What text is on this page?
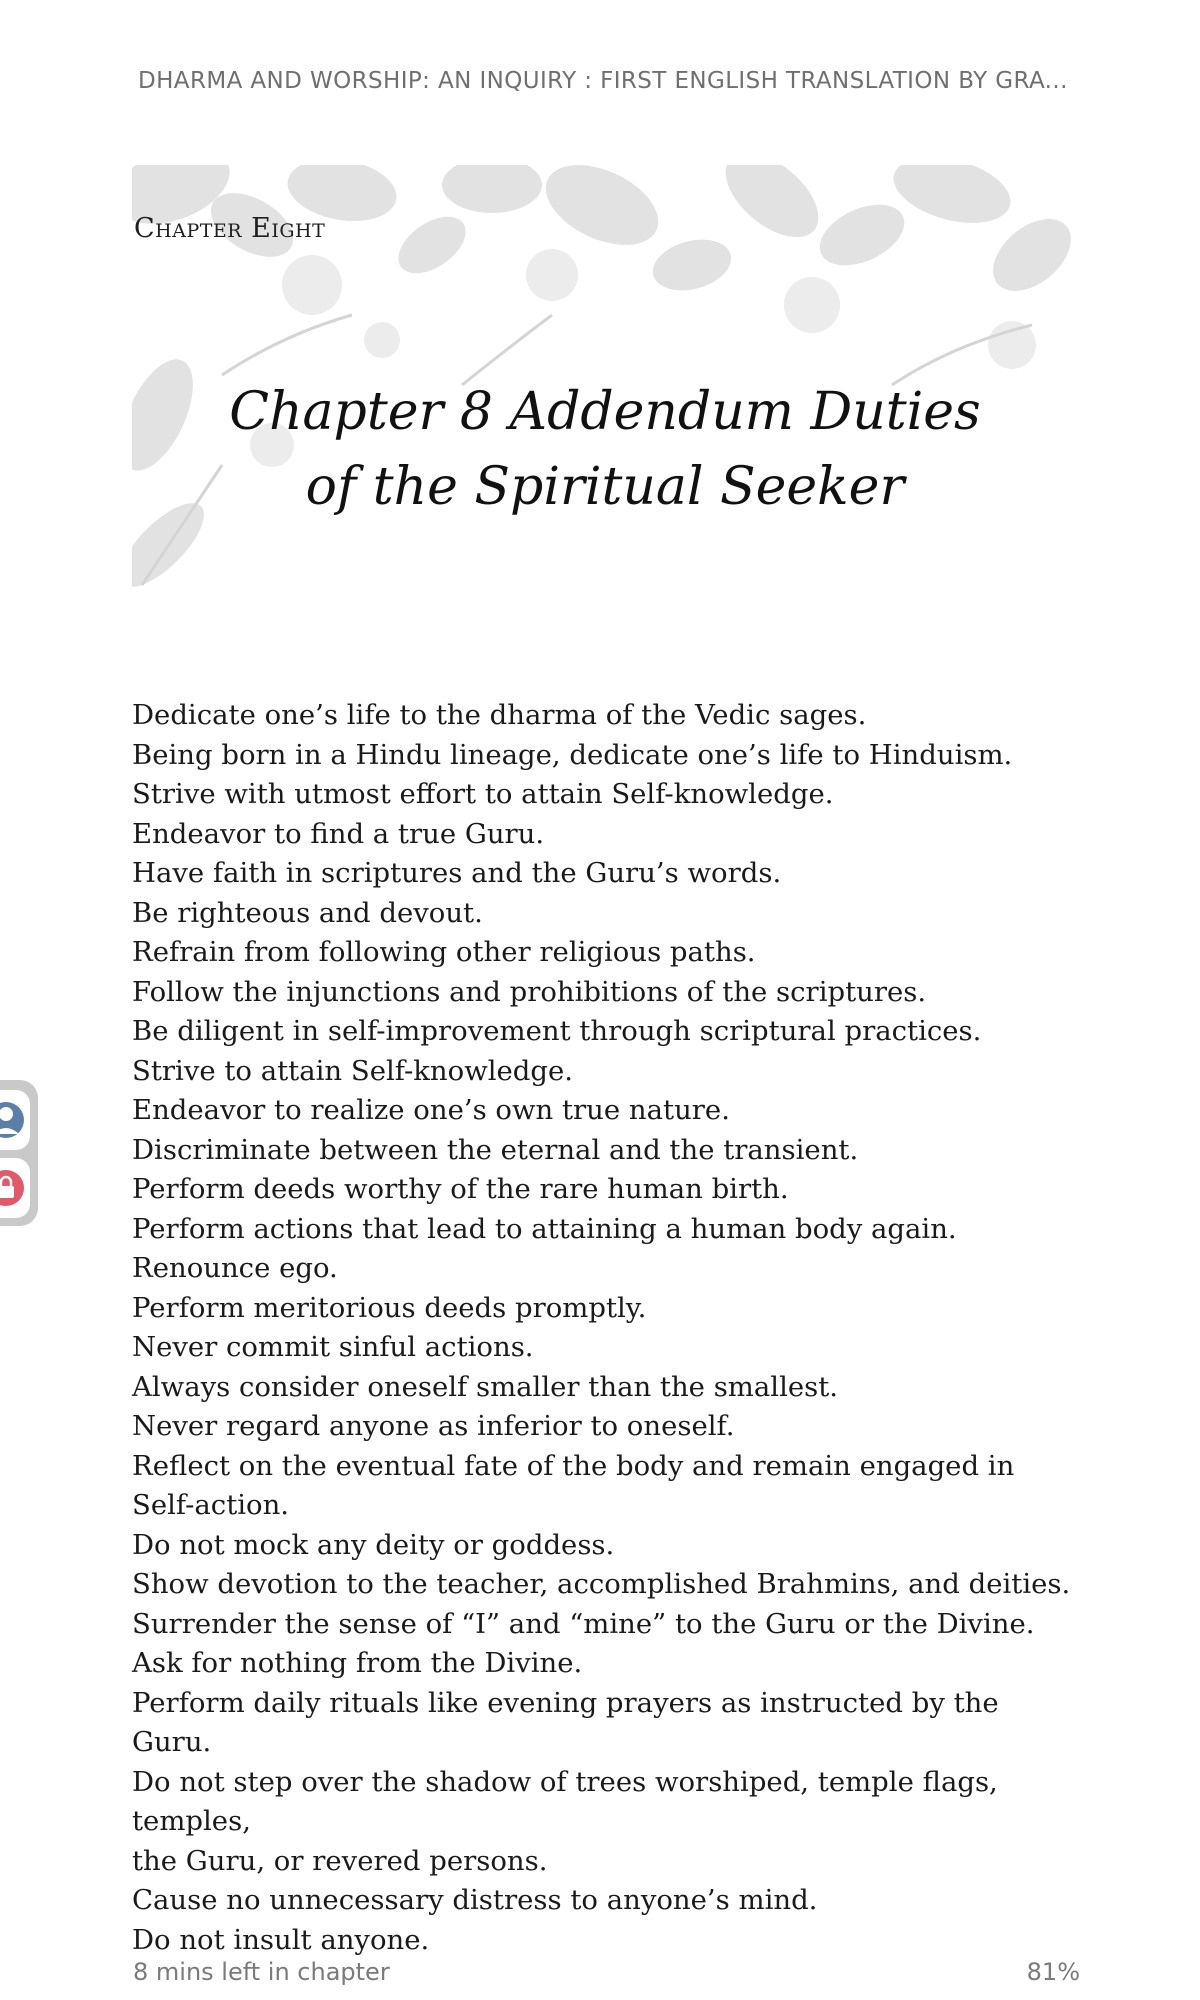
DHARMA AND WORSHIP: AN INQUIRY : FIRST ENGLISH TRANSLATION BY GRA...
Chapter Eight
Chapter 8 Addendum Duties
of the Spiritual Seeker
Dedicate one’s life to the dharma of the Vedic sages.
Being born in a Hindu lineage, dedicate one’s life to Hinduism.
Strive with utmost effort to attain Self-knowledge.
Endeavor to find a true Guru.
Have faith in scriptures and the Guru’s words.
Be righteous and devout.
Refrain from following other religious paths.
Follow the injunctions and prohibitions of the scriptures.
Be diligent in self-improvement through scriptural practices.
Strive to attain Self-knowledge.
Endeavor to realize one’s own true nature.
Discriminate between the eternal and the transient.
Perform deeds worthy of the rare human birth.
Perform actions that lead to attaining a human body again.
Renounce ego.
Perform meritorious deeds promptly.
Never commit sinful actions.
Always consider oneself smaller than the smallest.
Never regard anyone as inferior to oneself.
Reflect on the eventual fate of the body and remain engaged in Self-action.
Do not mock any deity or goddess.
Show devotion to the teacher, accomplished Brahmins, and deities.
Surrender the sense of “I” and “mine” to the Guru or the Divine.
Ask for nothing from the Divine.
Perform daily rituals like evening prayers as instructed by the Guru.
Do not step over the shadow of trees worshiped, temple flags, temples,
the Guru, or revered persons.
Cause no unnecessary distress to anyone’s mind.
Do not insult anyone.
8 mins left in chapter	81%
